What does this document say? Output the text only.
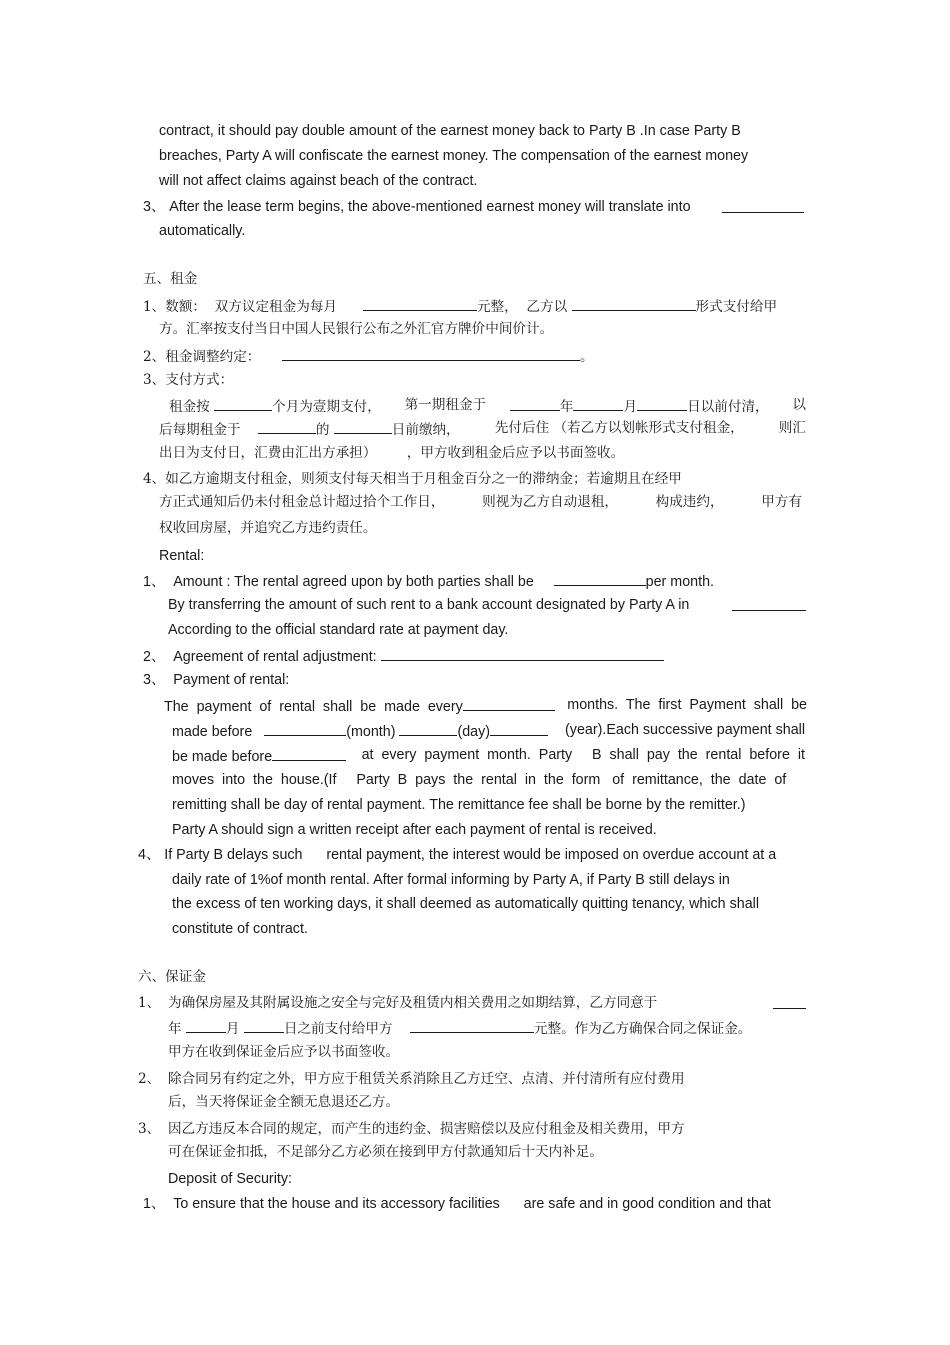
contract, it should pay double amount of the earnest money back to Party B .In case Party B
breaches, Party A will confiscate the earnest money. The compensation of the earnest money
will not affect claims against beach of the contract.
3、 After the lease term begins, the above-mentioned earnest money will translate into
automatically.
五、租金
1、数额：  双方议定租金为每月	元整，  乙方以	形式支付给甲
方。汇率按支付当日中国人民银行公布之外汇官方牌价中间价计。
2、租金调整约定：	。
3、支付方式：
租金按	个月为壹期支付， 第一期租金于	年	月	日以前付清， 以
后每期租金于	的	日前缴纳，	先付后住 （若乙方以划帐形式支付租金，	则汇
出日为支付日，汇费由汇出方承担） ，甲方收到租金后应予以书面签收。
4、如乙方逾期支付租金，则须支付每天相当于月租金百分之一的滞纳金；若逾期且在经甲
方正式通知后仍未付租金总计超过拾个工作日，	则视为乙方自动退租，	构成违约，	甲方有
权收回房屋，并追究乙方违约责任。
Rental:
1、 Amount : The rental agreed upon by both parties shall be	per month.
By transferring the amount of such rent to a bank account designated by Party A in
According to the official standard rate at payment day.
2、 Agreement of rental adjustment:
3、 Payment of rental:
The  payment  of  rental  shall  be  made  every	months.  The  first  Payment  shall  be
made before	(month)	(day)	(year).Each successive payment shall
be made before	at  every  payment  month.  Party     B  shall  pay  the  rental  before  it
moves  into  the  house.(If     Party  B  pays  the  rental  in  the  form   of  remittance,  the  date  of
remitting shall be day of rental payment. The remittance fee shall be borne by the remitter.)
Party A should sign a written receipt after each payment of rental is received.
4、 If Party B delays such      rental payment, the interest would be imposed on overdue account at a
daily rate of 1%of month rental. After formal informing by Party A, if Party B still delays in
the excess of ten working days, it shall deemed as automatically quitting tenancy, which shall
constitute of contract.
六、保证金
1、 为确保房屋及其附属设施之安全与完好及租赁内相关费用之如期结算，乙方同意于
年	月	日之前支付给甲方	元整。作为乙方确保合同之保证金。
甲方在收到保证金后应予以书面签收。
2、 除合同另有约定之外，甲方应于租赁关系消除且乙方迁空、点清、并付清所有应付费用
后，当天将保证金全额无息退还乙方。
3、 因乙方违反本合同的规定，而产生的违约金、损害赔偿以及应付租金及相关费用，甲方
可在保证金扣抵，不足部分乙方必须在接到甲方付款通知后十天内补足。
Deposit of Security:
1、 To ensure that the house and its accessory facilities      are safe and in good condition and that
